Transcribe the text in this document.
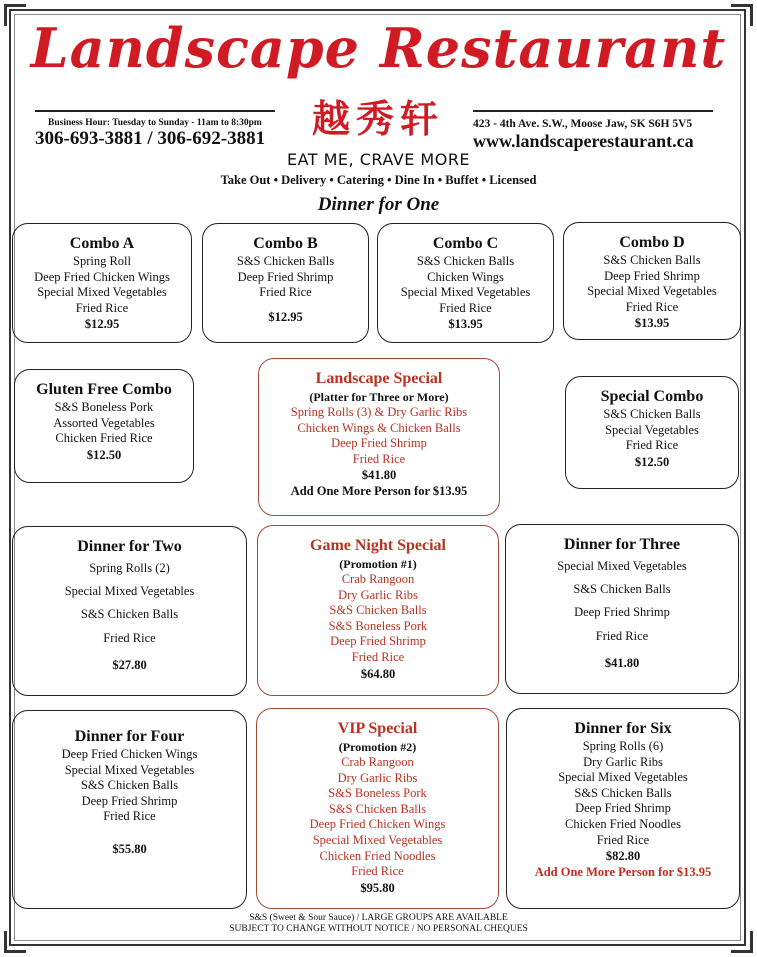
Landscape Restaurant
Business Hour: Tuesday to Sunday - 11am to 8:30pm
306-693-3881 / 306-692-3881	越秀轩	423 - 4th Ave. S.W., Moose Jaw, SK S6H 5V5
www.landscaperestaurant.ca
EAT ME, CRAVE MORE
Take Out • Delivery • Catering • Dine In • Buffet • Licensed
Dinner for One
Combo A
Spring Roll
Deep Fried Chicken Wings
Special Mixed Vegetables
Fried Rice
$12.95
Combo B
S&S Chicken Balls
Deep Fried Shrimp
Fried Rice
$12.95
Combo C
S&S Chicken Balls
Chicken Wings
Special Mixed Vegetables
Fried Rice
$13.95
Combo D
S&S Chicken Balls
Deep Fried Shrimp
Special Mixed Vegetables
Fried Rice
$13.95
Gluten Free Combo
S&S Boneless Pork
Assorted Vegetables
Chicken Fried Rice
$12.50
Landscape Special
(Platter for Three or More)
Spring Rolls (3) & Dry Garlic Ribs
Chicken Wings & Chicken Balls
Deep Fried Shrimp
Fried Rice
$41.80
Add One More Person for $13.95
Special Combo
S&S Chicken Balls
Special Vegetables
Fried Rice
$12.50
Dinner for Two
Spring Rolls (2)
Special Mixed Vegetables
S&S Chicken Balls
Fried Rice
$27.80
Game Night Special
(Promotion #1)
Crab Rangoon
Dry Garlic Ribs
S&S Chicken Balls
S&S Boneless Pork
Deep Fried Shrimp
Fried Rice
$64.80
Dinner for Three
Special Mixed Vegetables
S&S Chicken Balls
Deep Fried Shrimp
Fried Rice
$41.80
Dinner for Four
Deep Fried Chicken Wings
Special Mixed Vegetables
S&S Chicken Balls
Deep Fried Shrimp
Fried Rice
$55.80
VIP Special
(Promotion #2)
Crab Rangoon
Dry Garlic Ribs
S&S Boneless Pork
S&S Chicken Balls
Deep Fried Chicken Wings
Special Mixed Vegetables
Chicken Fried Noodles
Fried Rice
$95.80
Dinner for Six
Spring Rolls (6)
Dry Garlic Ribs
Special Mixed Vegetables
S&S Chicken Balls
Deep Fried Shrimp
Chicken Fried Noodles
Fried Rice
$82.80
Add One More Person for $13.95
S&S (Sweet & Sour Sauce) / LARGE GROUPS ARE AVAILABLE
SUBJECT TO CHANGE WITHOUT NOTICE / NO PERSONAL CHEQUES
